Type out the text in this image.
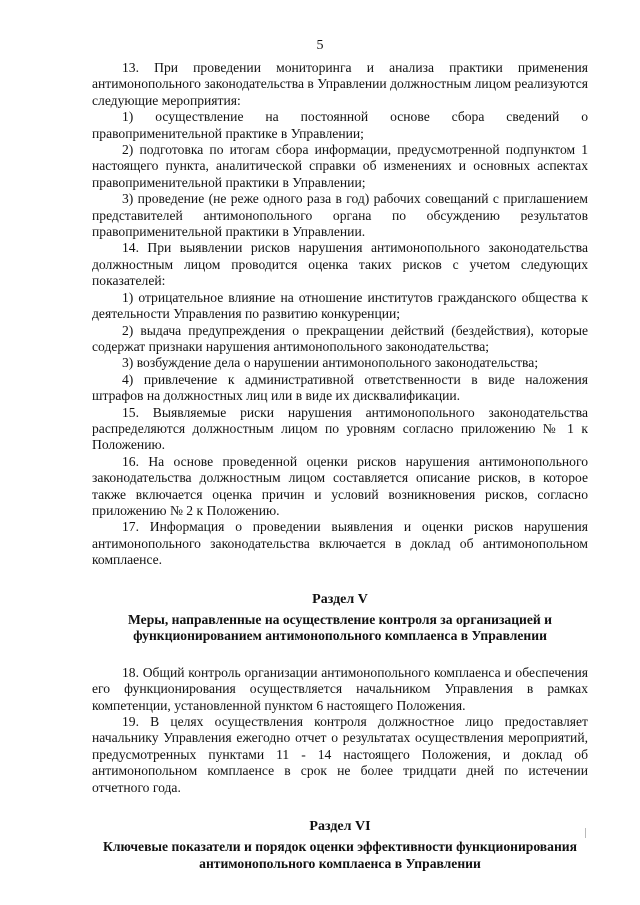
5

13. При проведении мониторинга и анализа практики применения антимонопольного законодательства в Управлении должностным лицом реализуются следующие мероприятия:

1) осуществление на постоянной основе сбора сведений о правоприменительной практике в Управлении;

2) подготовка по итогам сбора информации, предусмотренной подпунктом 1 настоящего пункта, аналитической справки об изменениях и основных аспектах правоприменительной практики в Управлении;

3) проведение (не реже одного раза в год) рабочих совещаний с приглашением представителей антимонопольного органа по обсуждению результатов правоприменительной практики в Управлении.

14. При выявлении рисков нарушения антимонопольного законодательства должностным лицом проводится оценка таких рисков с учетом следующих показателей:

1) отрицательное влияние на отношение институтов гражданского общества к деятельности Управления по развитию конкуренции;

2) выдача предупреждения о прекращении действий (бездействия), которые содержат признаки нарушения антимонопольного законодательства;

3) возбуждение дела о нарушении антимонопольного законодательства;

4) привлечение к административной ответственности в виде наложения штрафов на должностных лиц или в виде их дисквалификации.

15. Выявляемые риски нарушения антимонопольного законодательства распределяются должностным лицом по уровням согласно приложению № 1 к Положению.

16. На основе проведенной оценки рисков нарушения антимонопольного законодательства должностным лицом составляется описание рисков, в которое также включается оценка причин и условий возникновения рисков, согласно приложению № 2 к Положению.

17. Информация о проведении выявления и оценки рисков нарушения антимонопольного законодательства включается в доклад об антимонопольном комплаенсе.

Раздел V
Меры, направленные на осуществление контроля за организацией и функционированием антимонопольного комплаенса в Управлении

18. Общий контроль организации антимонопольного комплаенса и обеспечения его функционирования осуществляется начальником Управления в рамках компетенции, установленной пунктом 6 настоящего Положения.

19. В целях осуществления контроля должностное лицо предоставляет начальнику Управления ежегодно отчет о результатах осуществления мероприятий, предусмотренных пунктами 11 - 14 настоящего Положения, и доклад об антимонопольном комплаенсе в срок не более тридцати дней по истечении отчетного года.

Раздел VI
Ключевые показатели и порядок оценки эффективности функционирования антимонопольного комплаенса в Управлении
